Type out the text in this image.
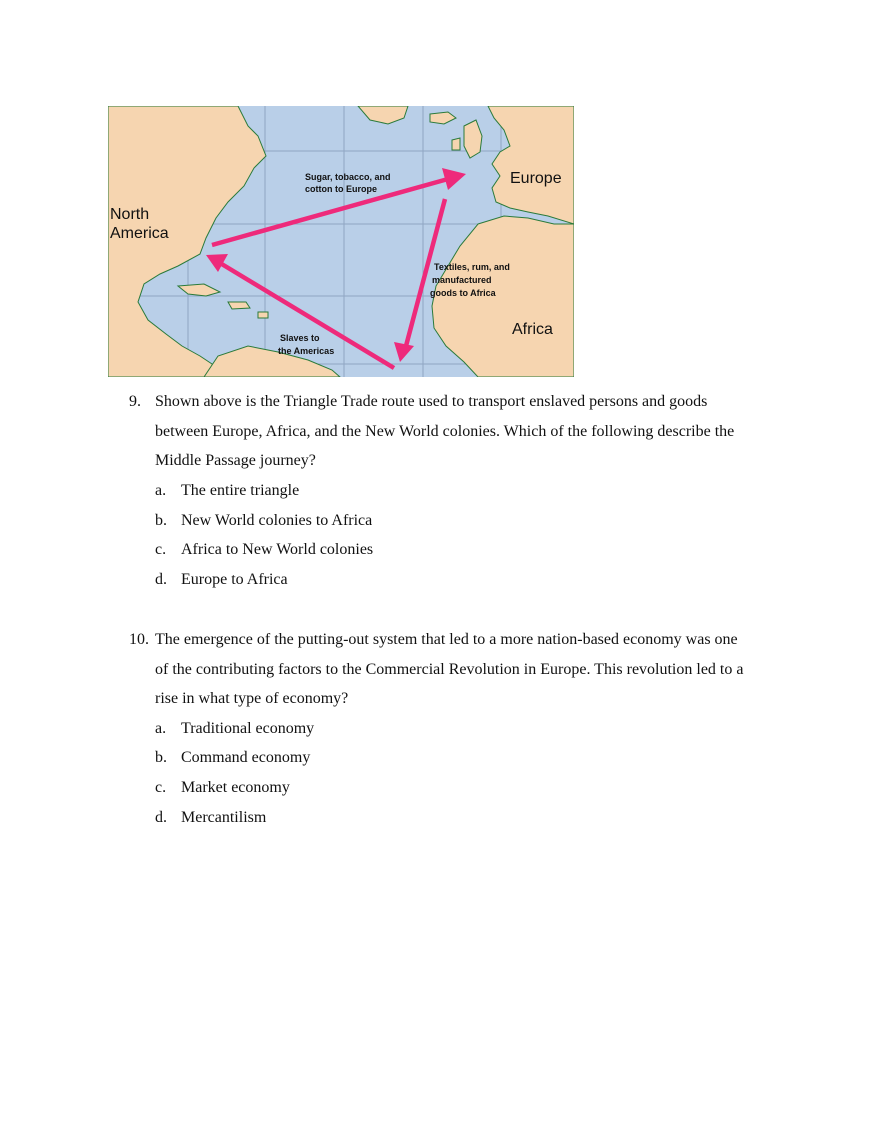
North
America
Europe
Africa
Sugar, tobacco, and
cotton to Europe
Textiles, rum, and
manufactured
goods to Africa
Slaves to
the Americas
9. Shown above is the Triangle Trade route used to transport enslaved persons and goods
between Europe, Africa, and the New World colonies. Which of the following describe the
Middle Passage journey?
a. The entire triangle
b. New World colonies to Africa
c. Africa to New World colonies
d. Europe to Africa
10. The emergence of the putting-out system that led to a more nation-based economy was one
of the contributing factors to the Commercial Revolution in Europe. This revolution led to a
rise in what type of economy?
a. Traditional economy
b. Command economy
c. Market economy
d. Mercantilism
